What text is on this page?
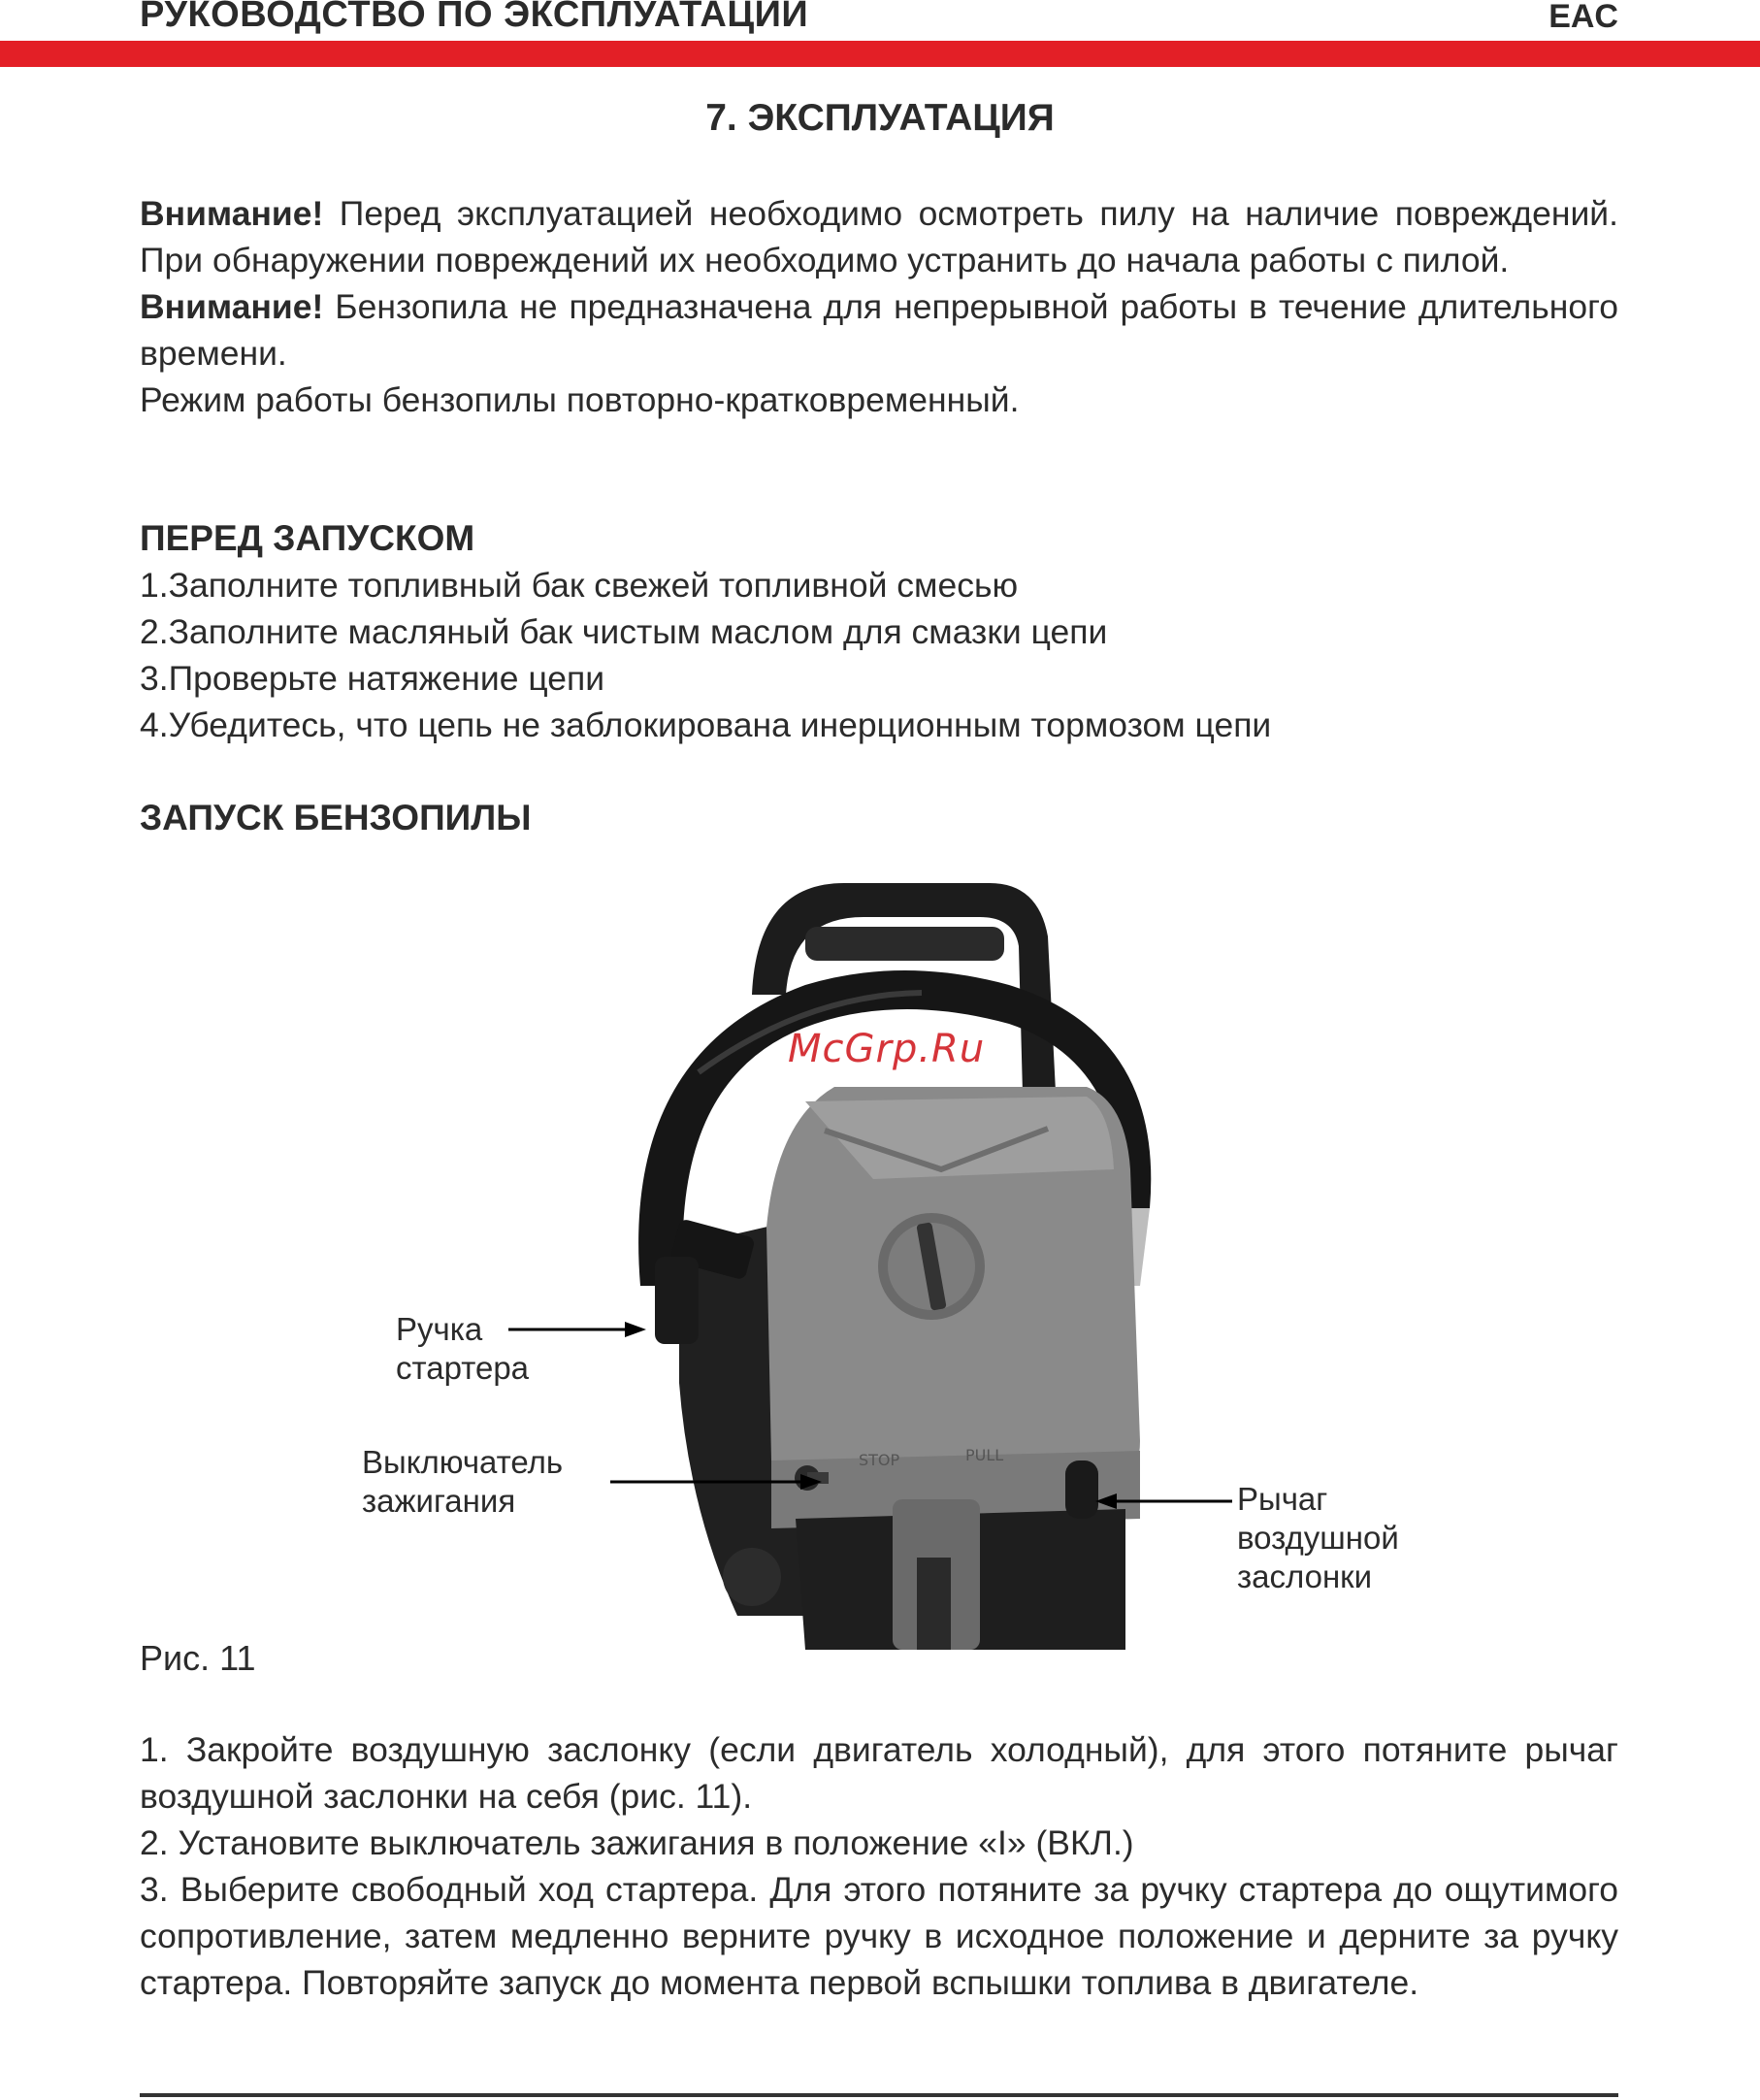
РУКОВОДСТВО ПО ЭКСПЛУАТАЦИИ	EAC
7. ЭКСПЛУАТАЦИЯ

Внимание! Перед эксплуатацией необходимо осмотреть пилу на наличие повреждений. При обнаружении повреждений их необходимо устранить до начала работы с пилой.

Внимание! Бензопила не предназначена для непрерывной работы в течение длительного времени.

Режим работы бензопилы повторно-кратковременный.

ПЕРЕД ЗАПУСКОМ

1.Заполните топливный бак свежей топливной смесью

2.Заполните масляный бак чистым маслом для смазки цепи

3.Проверьте натяжение цепи

4.Убедитесь, что цепь не заблокирована инерционным тормозом цепи

ЗАПУСК БЕНЗОПИЛЫ

STOP	PULL
McGrp.Ru
Ручка
стартера
Выключатель
зажигания	Рычаг
воздушной
заслонки
Рис. 11

1. Закройте воздушную заслонку (если двигатель холодный), для этого потяните рычаг воздушной заслонки на себя (рис. 11).

2. Установите выключатель зажигания в положение «I» (ВКЛ.)

3. Выберите свободный ход стартера. Для этого потяните за ручку стартера до ощутимого сопротивление, затем медленно верните ручку в исходное положение и дерните за ручку стартера. Повторяйте запуск до момента первой вспышки топлива в двигателе.
